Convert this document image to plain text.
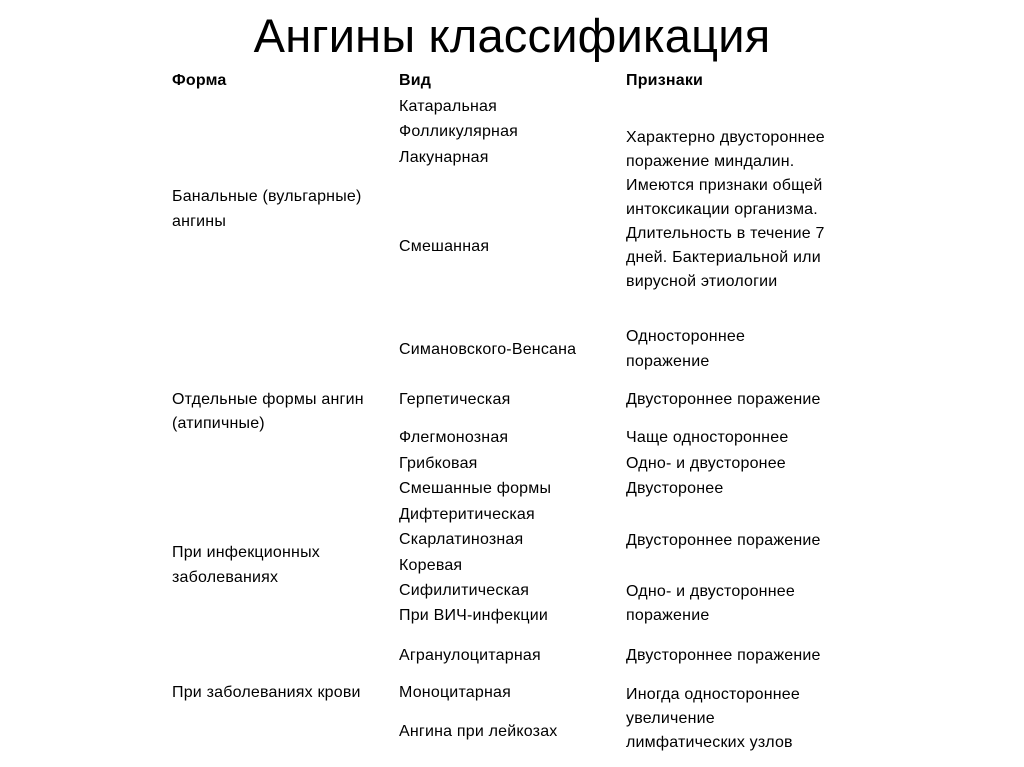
Ангины классификация
Форма	Вид	Признаки
Банальные (вульгарные)
ангины
Отдельные формы ангин
(атипичные)
При инфекционных
заболеваниях
При заболеваниях крови
Катаральная
Фолликулярная
Лакунарная
Смешанная
Симановского-Венсана
Герпетическая
Флегмонозная
Грибковая
Смешанные формы
Дифтеритическая
Скарлатинозная
Коревая
Сифилитическая
При ВИЧ-инфекции
Агранулоцитарная
Моноцитарная
Ангина при лейкозах
Характерно двустороннее
поражение миндалин.
Имеются признаки общей
интоксикации организма.
Длительность в течение 7
дней. Бактериальной или
вирусной этиологии
Одностороннее
поражение
Двустороннее поражение
Чаще одностороннее
Одно- и двусторонее
Двусторонее
Двустороннее поражение
Одно- и двустороннее
поражение
Двустороннее поражение
Иногда одностороннее
увеличение
лимфатических узлов
